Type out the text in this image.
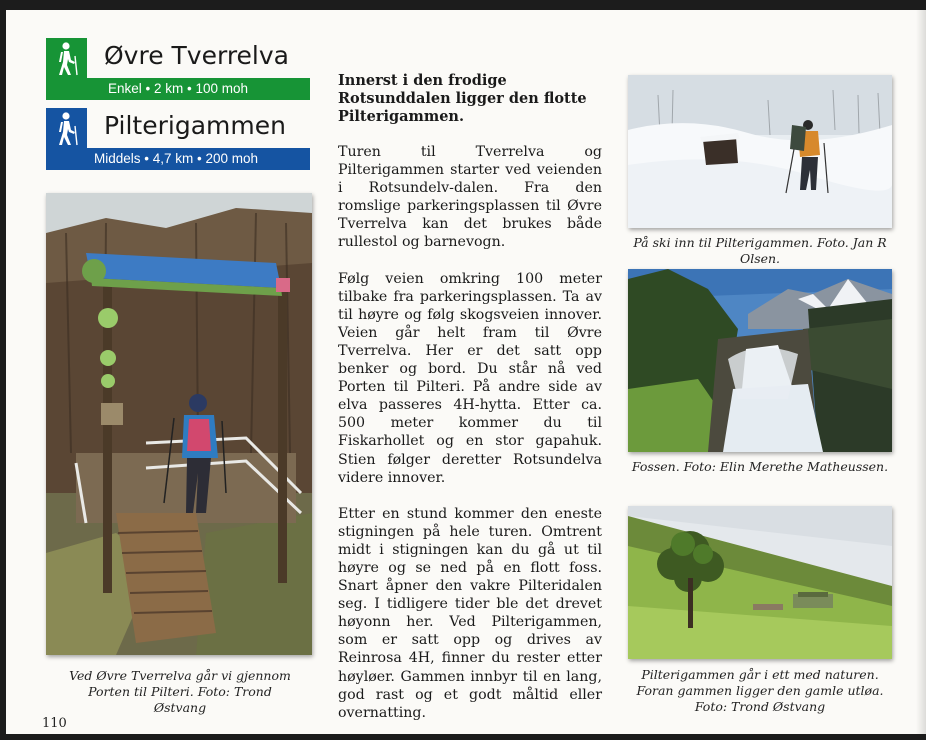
Øvre Tverrelva
Enkel • 2 km • 100 moh
Pilterigammen
Middels • 4,7 km • 200 moh
Ved Øvre Tverrelva går vi gjennom Porten til Pilteri. Foto: Trond Østvang
Innerst i den frodige Rotsunddalen ligger den flotte Pilterigammen.

Turen til Tverrelva og Pilterigammen starter ved veienden i Rotsundelv-dalen. Fra den romslige parkeringsplassen til Øvre Tverrelva kan det brukes både rullestol og barnevogn.

Følg veien omkring 100 meter tilbake fra parkeringsplassen. Ta av til høyre og følg skogsveien innover. Veien går helt fram til Øvre Tverrelva. Her er det satt opp benker og bord. Du står nå ved Porten til Pilteri. På andre side av elva passeres 4H-hytta. Etter ca. 500 meter kommer du til Fiskarhollet og en stor gapahuk. Stien følger deretter Rotsundelva videre innover.

Etter en stund kommer den eneste stigningen på hele turen. Omtrent midt i stigningen kan du gå ut til høyre og se ned på en flott foss. Snart åpner den vakre Pilteridalen seg. I tidligere tider ble det drevet høyonn her. Ved Pilterigammen, som er satt opp og drives av Reinrosa 4H, finner du rester etter høyløer. Gammen innbyr til en lang, god rast og et godt måltid eller overnatting.

På ski inn til Pilterigammen. Foto. Jan R Olsen.
Fossen. Foto: Elin Merethe Matheussen.
Pilterigammen går i ett med naturen. Foran gammen ligger den gamle utløa. Foto: Trond Østvang
110
